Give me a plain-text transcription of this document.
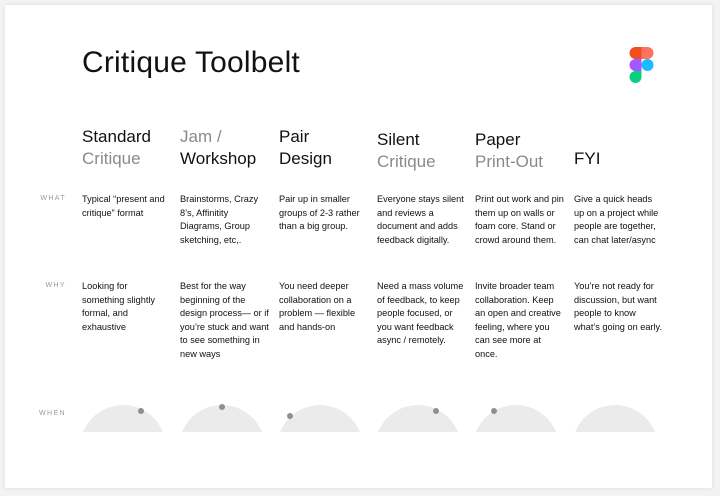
Critique Toolbelt
Standard
Critique
Jam /
Workshop
Pair
Design
Silent
Critique
Paper
Print-Out FYI
WHAT
WHY
WHEN
Typical “present and critique” format
Brainstorms, Crazy 8’s, Affinitity Diagrams, Group sketching, etc,.
Pair up in smaller groups of 2-3 rather than a big group.
Everyone stays silent and reviews a document and adds feedback digitally.
Print out work and pin them up on walls or foam core. Stand or crowd around them.
Give a quick heads up on a project while people are together, can chat later/async
Looking for something slightly formal, and exhaustive
Best for the way beginning of the design process— or if you’re stuck and want to see something in new ways
You need deeper collaboration on a problem — flexible and hands-on
Need a mass volume of feedback, to keep people focused, or you want feedback async / remotely.
Invite broader team collaboration. Keep an open and creative feeling, where you can see more at once.
You’re not ready for discussion, but want people to know what’s going on early.
